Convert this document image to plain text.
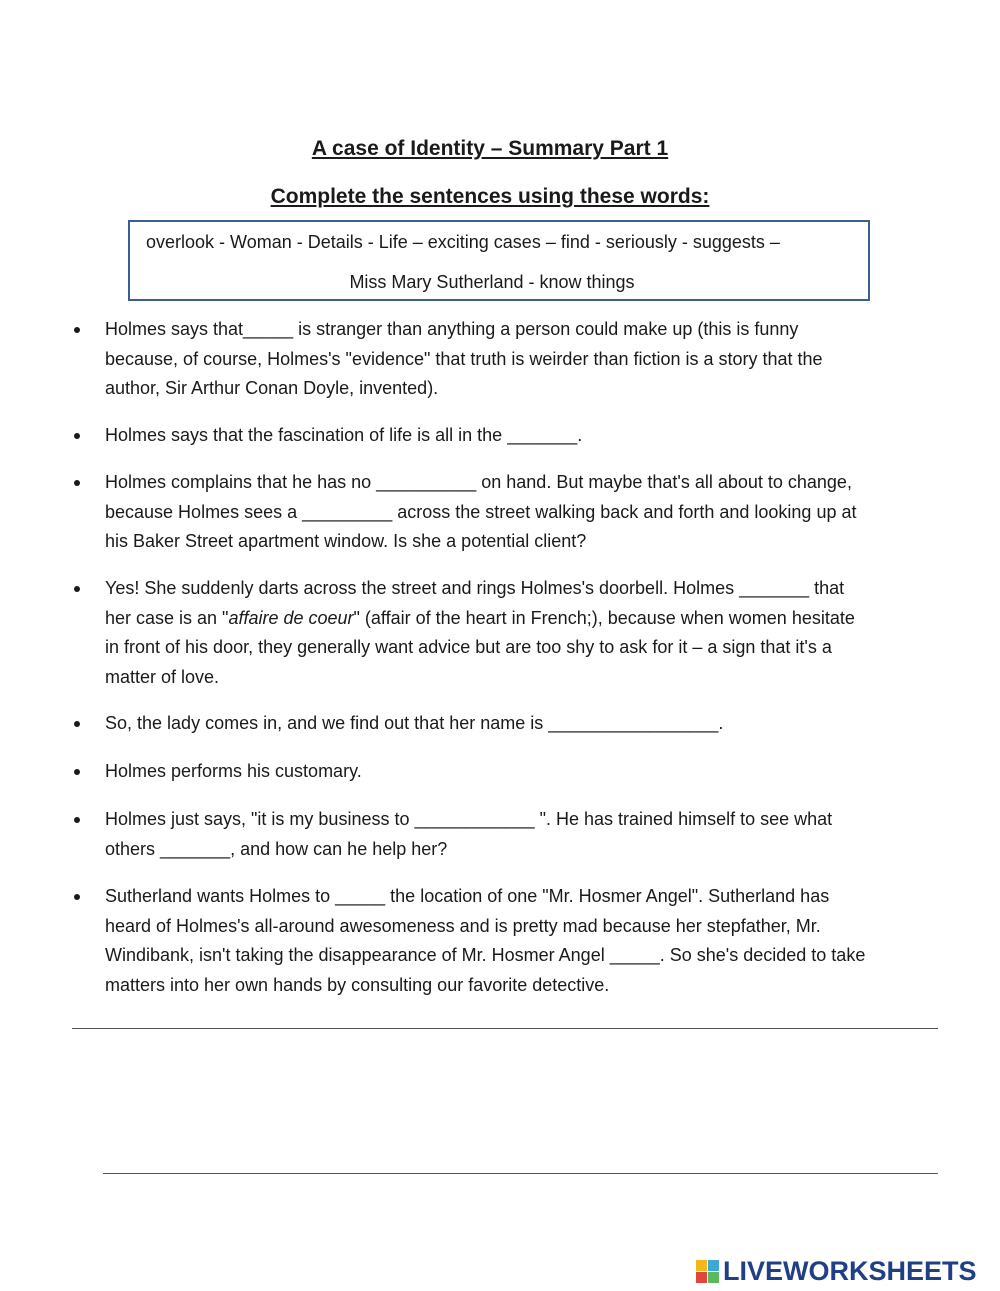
A case of Identity – Summary Part 1
Complete the sentences using these words:
overlook - Woman - Details - Life – exciting cases – find - seriously - suggests –
Miss Mary Sutherland - know things
Holmes says that_____ is stranger than anything a person could make up (this is funny
because, of course, Holmes's "evidence" that truth is weirder than fiction is a story that the
author, Sir Arthur Conan Doyle, invented).
Holmes says that the fascination of life is all in the _______.
Holmes complains that he has no __________ on hand. But maybe that's all about to change,
because Holmes sees a _________ across the street walking back and forth and looking up at
his Baker Street apartment window. Is she a potential client?
Yes! She suddenly darts across the street and rings Holmes's doorbell. Holmes _______ that
her case is an "affaire de coeur" (affair of the heart in French;), because when women hesitate
in front of his door, they generally want advice but are too shy to ask for it – a sign that it's a
matter of love.
So, the lady comes in, and we find out that her name is _________________.
Holmes performs his customary.
Holmes just says, "it is my business to ____________ ". He has trained himself to see what
others _______, and how can he help her?
Sutherland wants Holmes to _____ the location of one "Mr. Hosmer Angel". Sutherland has
heard of Holmes's all-around awesomeness and is pretty mad because her stepfather, Mr.
Windibank, isn't taking the disappearance of Mr. Hosmer Angel _____. So she's decided to take
matters into her own hands by consulting our favorite detective.
LIVEWORKSHEETS
